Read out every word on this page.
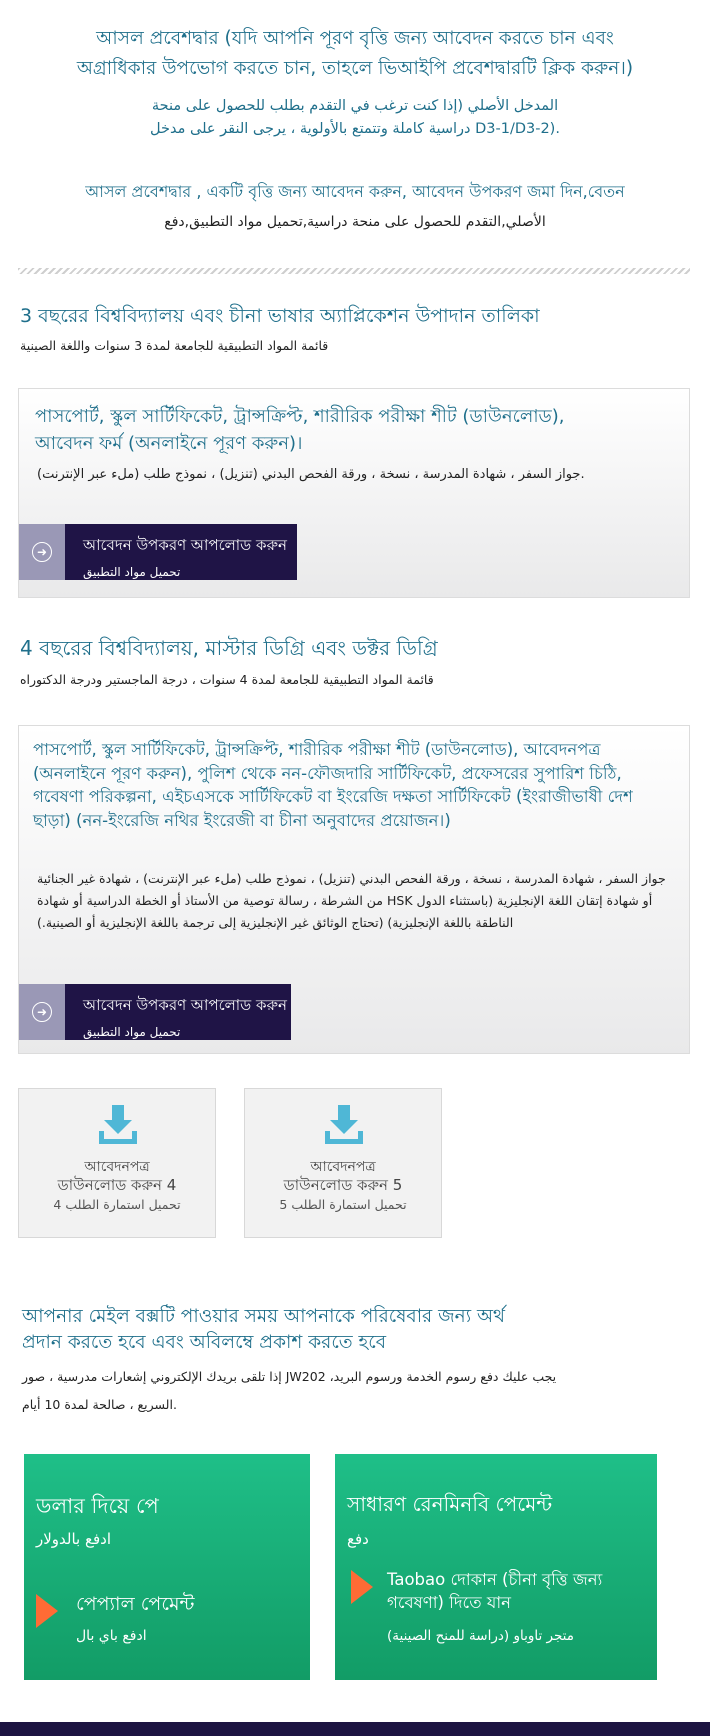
আসল প্রবেশদ্বার (যদি আপনি পূরণ বৃত্তি জন্য আবেদন করতে চান এবং
অগ্রাধিকার উপভোগ করতে চান, তাহলে ভিআইপি প্রবেশদ্বারটি ক্লিক করুন।)
المدخل الأصلي (إذا كنت ترغب في التقدم بطلب للحصول على منحة
دراسية كاملة وتتمتع بالأولوية ، يرجى النقر على مدخل D3-1/D3-2).
আসল প্রবেশদ্বার , একটি বৃত্তি জন্য আবেদন করুন, আবেদন উপকরণ জমা দিন,বেতন
الأصلي,التقدم للحصول على منحة دراسية,تحميل مواد التطبيق,دفع
3 বছরের বিশ্ববিদ্যালয় এবং চীনা ভাষার অ্যাপ্লিকেশন উপাদান তালিকা
قائمة المواد التطبيقية للجامعة لمدة 3 سنوات واللغة الصينية
পাসপোর্ট, স্কুল সার্টিফিকেট, ট্রান্সক্রিপ্ট, শারীরিক পরীক্ষা শীট (ডাউনলোড), আবেদন ফর্ম (অনলাইনে পূরণ করুন)।
جواز السفر ، شهادة المدرسة ، نسخة ، ورقة الفحص البدني (تنزيل) ، نموذج طلب (ملء عبر الإنترنت).
➜	আবেদন উপকরণ আপলোড করুন
تحميل مواد التطبيق
4 বছরের বিশ্ববিদ্যালয়, মাস্টার ডিগ্রি এবং ডক্টর ডিগ্রি
قائمة المواد التطبيقية للجامعة لمدة 4 سنوات ، درجة الماجستير ودرجة الدكتوراه
পাসপোর্ট, স্কুল সার্টিফিকেট, ট্রান্সক্রিপ্ট, শারীরিক পরীক্ষা শীট (ডাউনলোড), আবেদনপত্র (অনলাইনে পূরণ করুন), পুলিশ থেকে নন-ফৌজদারি সার্টিফিকেট, প্রফেসরের সুপারিশ চিঠি, গবেষণা পরিকল্পনা, এইচএসকে সার্টিফিকেট বা ইংরেজি দক্ষতা সার্টিফিকেট (ইংরাজীভাষী দেশ ছাড়া) (নন-ইংরেজি নথির ইংরেজী বা চীনা অনুবাদের প্রয়োজন।)
جواز السفر ، شهادة المدرسة ، نسخة ، ورقة الفحص البدني (تنزيل) ، نموذج طلب (ملء عبر الإنترنت) ، شهادة غير الجنائية من الشرطة ، رسالة توصية من الأستاذ أو الخطة الدراسية أو شهادة HSK أو شهادة إتقان اللغة الإنجليزية (باستثناء الدول الناطقة باللغة الإنجليزية) (تحتاج الوثائق غير الإنجليزية إلى ترجمة باللغة الإنجليزية أو الصينية.)
➜	আবেদন উপকরণ আপলোড করুন
تحميل مواد التطبيق
আবেদনপত্র
ডাউনলোড করুন 4
تحميل استمارة الطلب 4
আবেদনপত্র
ডাউনলোড করুন 5
تحميل استمارة الطلب 5
আপনার মেইল বক্সটি পাওয়ার সময় আপনাকে পরিষেবার জন্য অর্থ
প্রদান করতে হবে এবং অবিলম্বে প্রকাশ করতে হবে
إذا تلقى بريدك الإلكتروني إشعارات مدرسية ، صور JW202 ،يجب عليك دفع رسوم الخدمة ورسوم البريد
السريع ، صالحة لمدة 10 أيام.
ডলার দিয়ে পে
ادفع بالدولار
পেপ্যাল পেমেন্ট
ادفع باي بال
সাধারণ রেনমিনবি পেমেন্ট
دفع
Taobao দোকান (চীনা বৃত্তি জন্য গবেষণা) দিতে যান
متجر تاوباو (دراسة للمنح الصينية)
